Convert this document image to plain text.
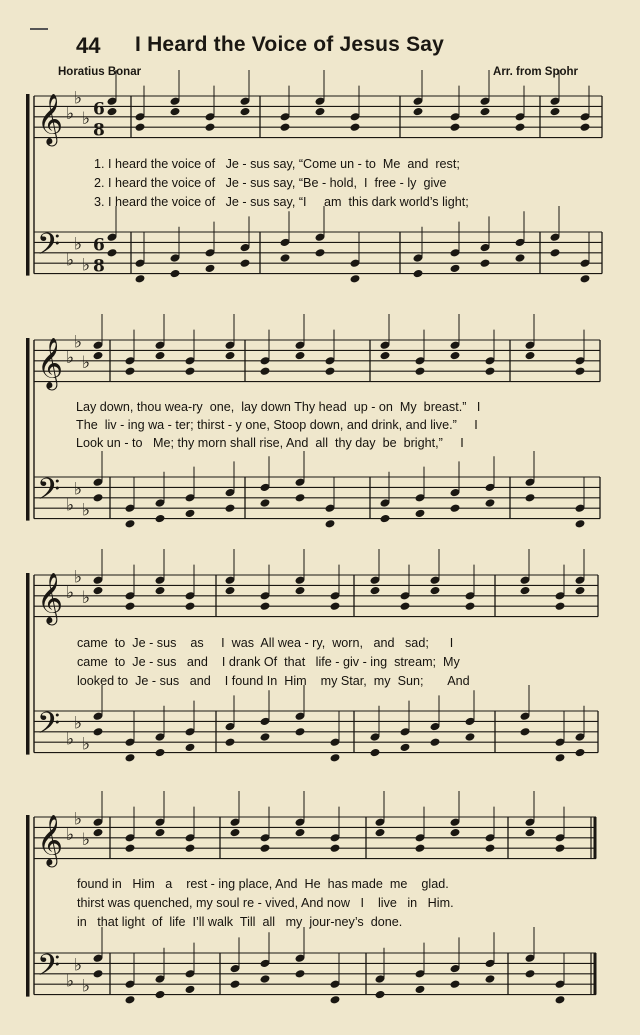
44 I Heard the Voice of Jesus Say
Horatius Bonar	Arr. from Spohr
𝄞
𝄢
♭
♭
♭
♭
♭
♭
6
8
6
8
𝄞
𝄢
♭
♭
♭
♭
♭
♭
𝄞
𝄢
♭
♭
♭
♭
♭
♭
𝄞
𝄢
♭
♭
♭
♭
♭
♭
1. I heard the voice of   Je - sus say, “Come un - to  Me  and  rest;
2. I heard the voice of   Je - sus say, “Be - hold,  I  free - ly  give
3. I heard the voice of   Je - sus say, “I     am  this dark world’s light;
Lay down, thou wea-ry  one,  lay down Thy head  up - on  My  breast.”   I
The  liv - ing wa - ter; thirst - y one, Stoop down, and drink, and live.”     I
Look un - to   Me; thy morn shall rise, And  all  thy day  be  bright,”     I
came  to  Je - sus    as     I  was  All wea - ry,  worn,   and   sad;      I
came  to  Je - sus   and    I drank Of  that   life - giv - ing  stream;  My
looked to  Je - sus   and    I found In  Him    my Star,  my  Sun;       And
found in   Him   a    rest - ing place, And  He  has made  me    glad.
thirst was quenched, my soul re - vived, And now   I    live   in   Him.
in   that light  of  life  I’ll walk  Till  all   my  jour-ney’s  done.
